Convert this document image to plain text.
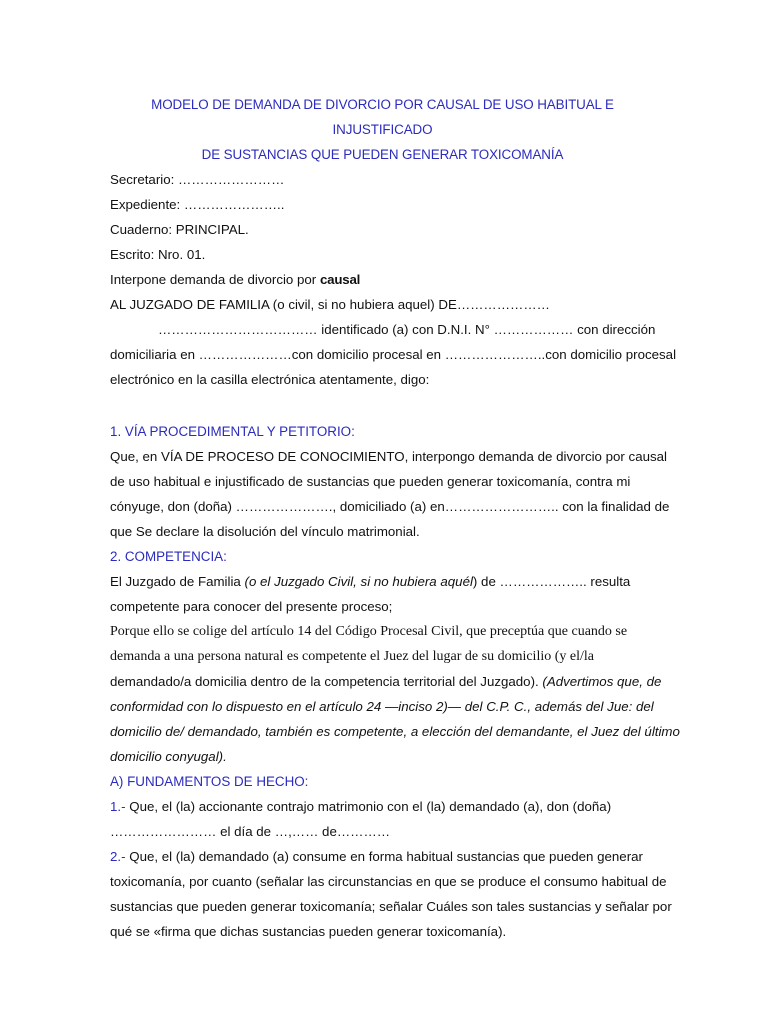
MODELO DE DEMANDA DE DIVORCIO POR CAUSAL DE USO HABITUAL E INJUSTIFICADO
DE SUSTANCIAS QUE PUEDEN GENERAR TOXICOMANÍA
Secretario: ……………………
Expediente: …………………..
Cuaderno: PRINCIPAL.
Escrito: Nro. 01.
Interpone demanda de divorcio por causal
AL JUZGADO DE FAMILIA (o civil, si no hubiera aquel) DE…………………
……………………………… identificado (a) con D.N.I. N° ……………… con dirección
domiciliaria en …………………con domicilio procesal en …………………..con domicilio procesal
electrónico en la casilla electrónica atentamente, digo:
1. VÍA PROCEDIMENTAL Y PETITORIO:
Que, en VÍA DE PROCESO DE CONOCIMIENTO, interpongo demanda de divorcio por causal
de uso habitual e injustificado de sustancias que pueden generar toxicomanía, contra mi
cónyuge, don (doña) …………………., domiciliado (a) en…………………….. con la finalidad de
que Se declare la disolución del vínculo matrimonial.
2. COMPETENCIA:
El Juzgado de Familia (o el Juzgado Civil, si no hubiera aquél) de ……………….. resulta
competente para conocer del presente proceso;
Porque ello se colige del artículo 14 del Código Procesal Civil, que preceptúa que cuando se
demanda a una persona natural es competente el Juez del lugar de su domicilio (y el/la
demandado/a domicilia dentro de la competencia territorial del Juzgado). (Advertimos que, de
conformidad con lo dispuesto en el artículo 24 —inciso 2)— del C.P. C., además del Jue: del
domicilio de/ demandado, también es competente, a elección del demandante, el Juez del último
domicilio conyugal).
A) FUNDAMENTOS DE HECHO:
1.- Que, el (la) accionante contrajo matrimonio con el (la) demandado (a), don (doña)
…………………… el día de …,…… de…………
2.- Que, el (la) demandado (a) consume en forma habitual sustancias que pueden generar
toxicomanía, por cuanto (señalar las circunstancias en que se produce el consumo habitual de
sustancias que pueden generar toxicomanía; señalar Cuáles son tales sustancias y señalar por
qué se «firma que dichas sustancias pueden generar toxicomanía).
